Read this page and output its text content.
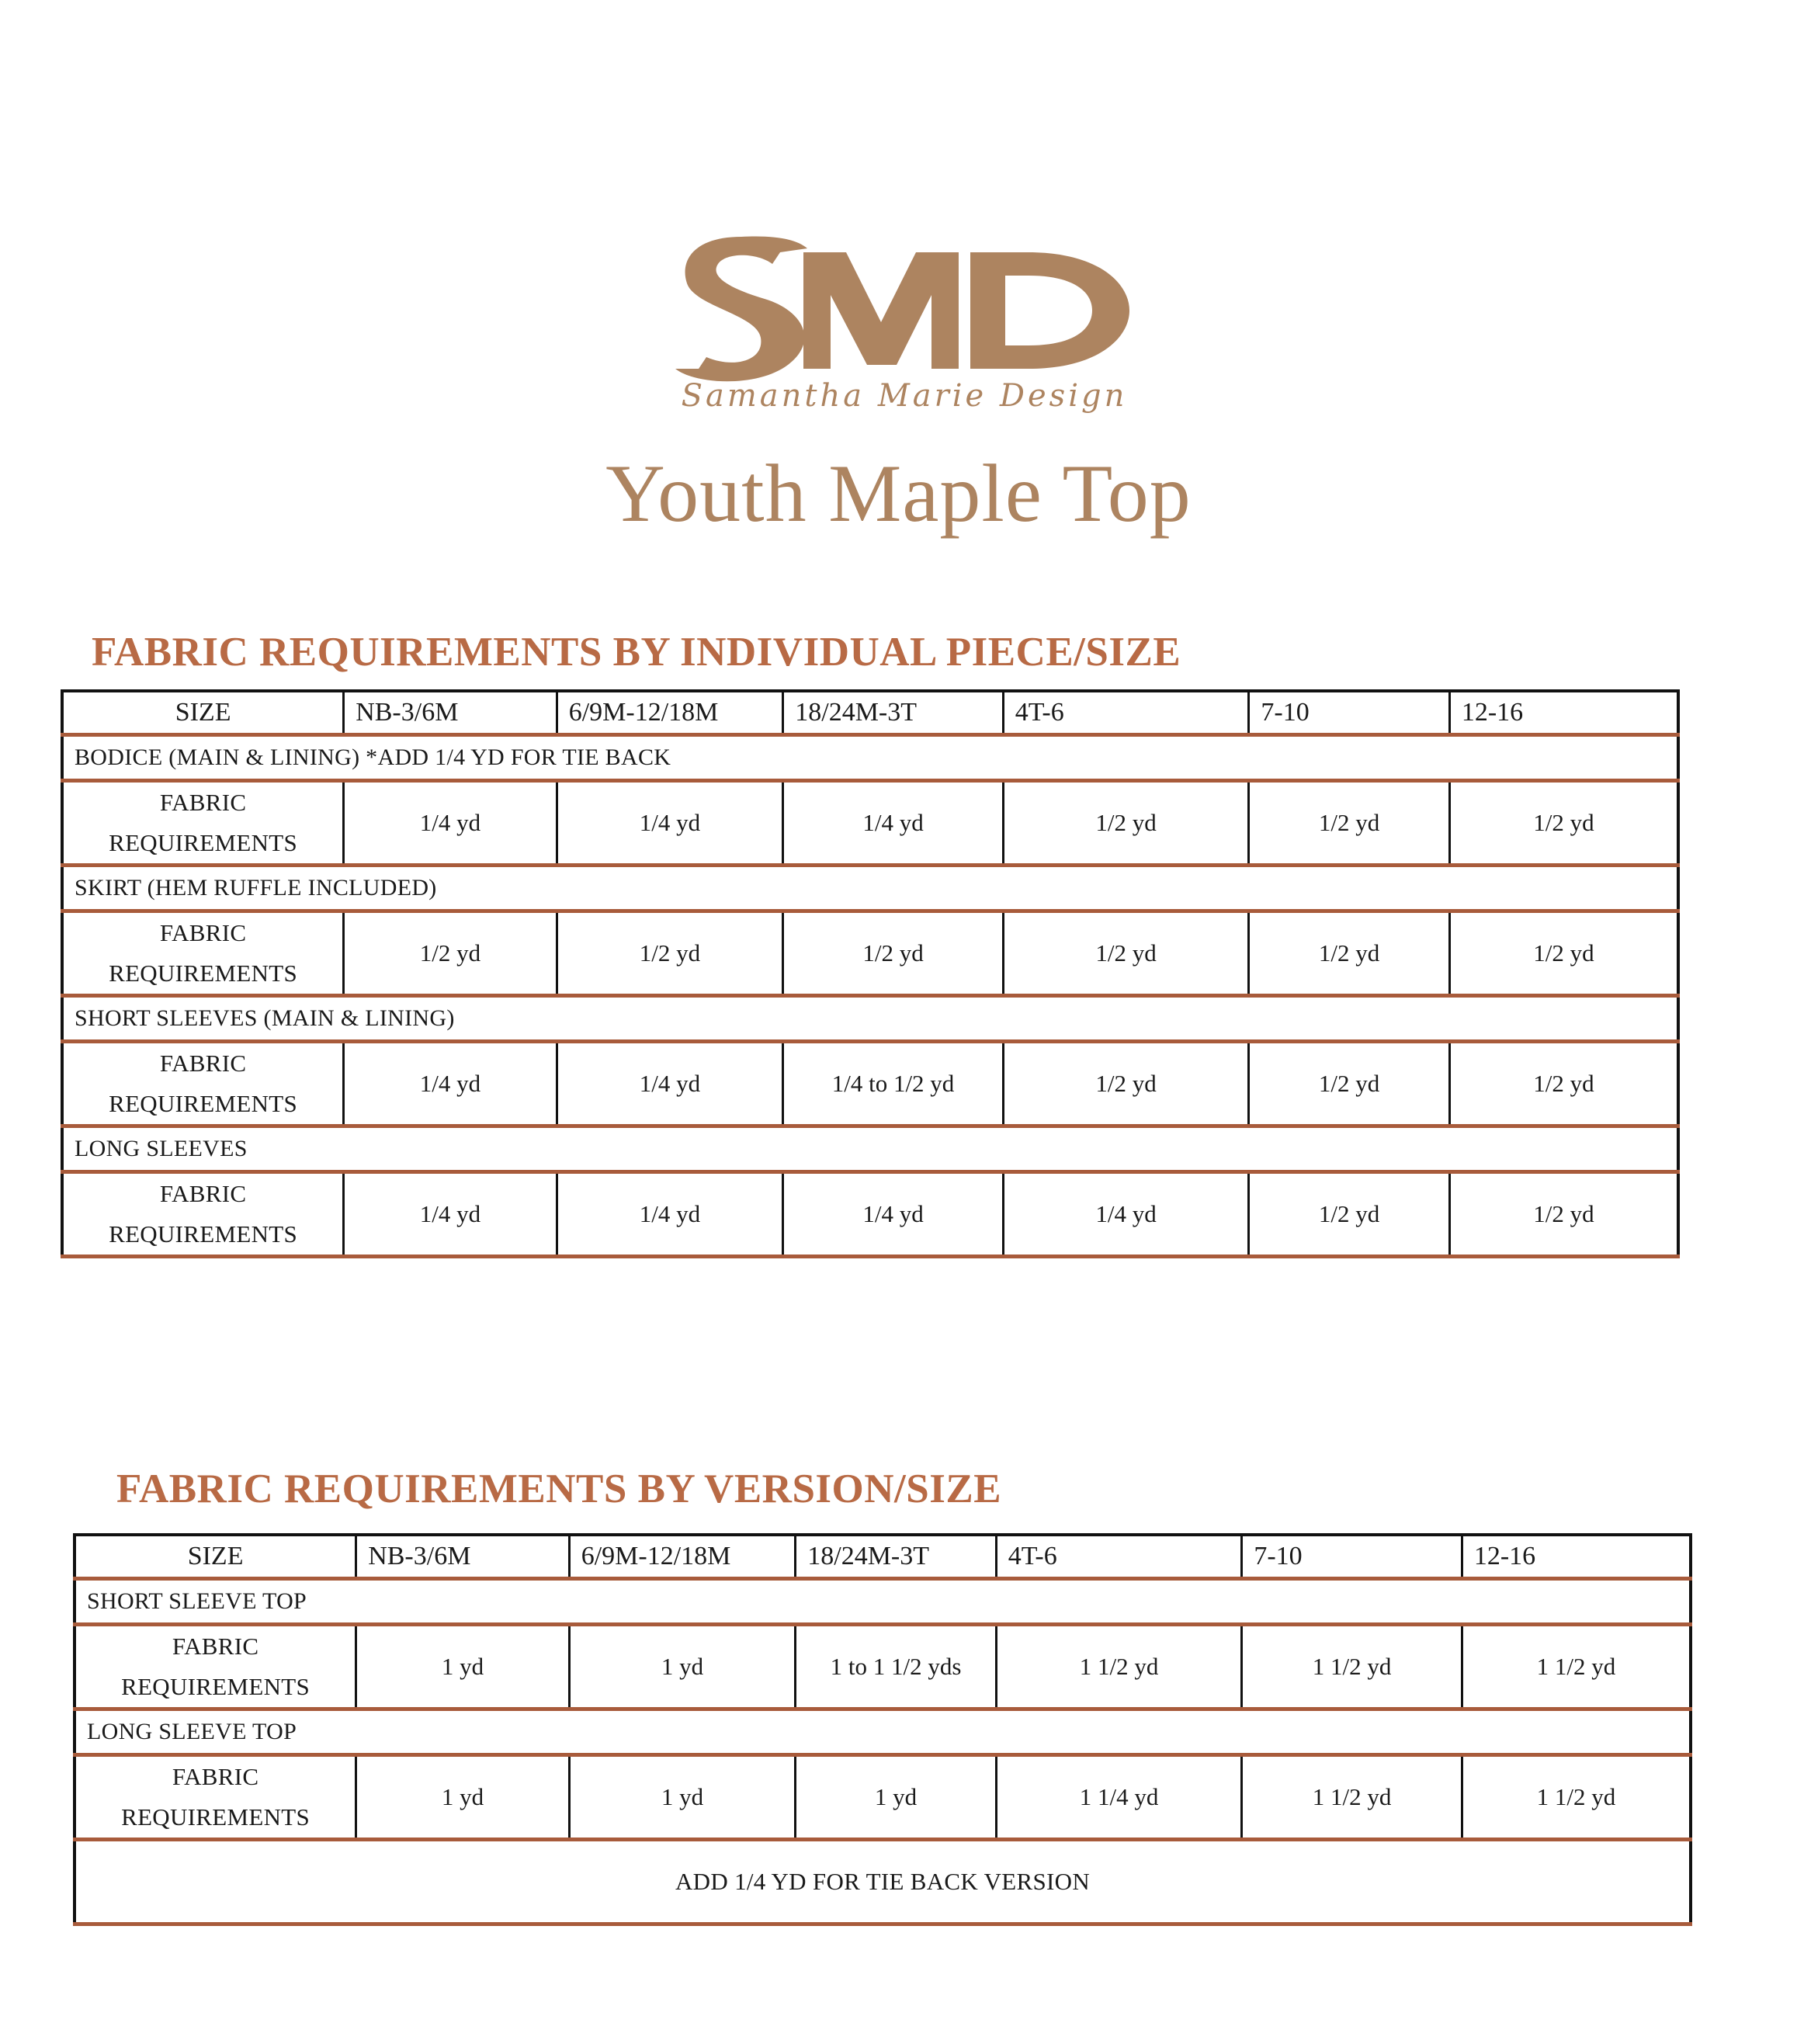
Samantha Marie Design
Youth Maple Top
FABRIC REQUIREMENTS BY INDIVIDUAL PIECE/SIZE
SIZE	NB-3/6M	6/9M-12/18M	18/24M-3T	4T-6	7-10	12-16
BODICE (MAIN & LINING) *ADD 1/4 YD FOR TIE BACK						
FABRIC REQUIREMENTS	1/4 yd	1/4 yd	1/4 yd	1/2 yd	1/2 yd	1/2 yd
SKIRT (HEM RUFFLE INCLUDED)						
FABRIC REQUIREMENTS	1/2 yd	1/2 yd	1/2 yd	1/2 yd	1/2 yd	1/2 yd
SHORT SLEEVES (MAIN & LINING)						
FABRIC REQUIREMENTS	1/4 yd	1/4 yd	1/4 to 1/2 yd	1/2 yd	1/2 yd	1/2 yd
LONG SLEEVES						
FABRIC REQUIREMENTS	1/4 yd	1/4 yd	1/4 yd	1/4 yd	1/2 yd	1/2 yd
FABRIC REQUIREMENTS BY VERSION/SIZE
SIZE	NB-3/6M	6/9M-12/18M	18/24M-3T	4T-6	7-10	12-16
SHORT SLEEVE TOP						
FABRIC REQUIREMENTS	1 yd	1 yd	1 to 1 1/2 yds	1 1/2 yd	1 1/2 yd	1 1/2 yd
LONG SLEEVE TOP						
FABRIC REQUIREMENTS	1 yd	1 yd	1 yd	1 1/4 yd	1 1/2 yd	1 1/2 yd
ADD 1/4 YD FOR TIE BACK VERSION						
